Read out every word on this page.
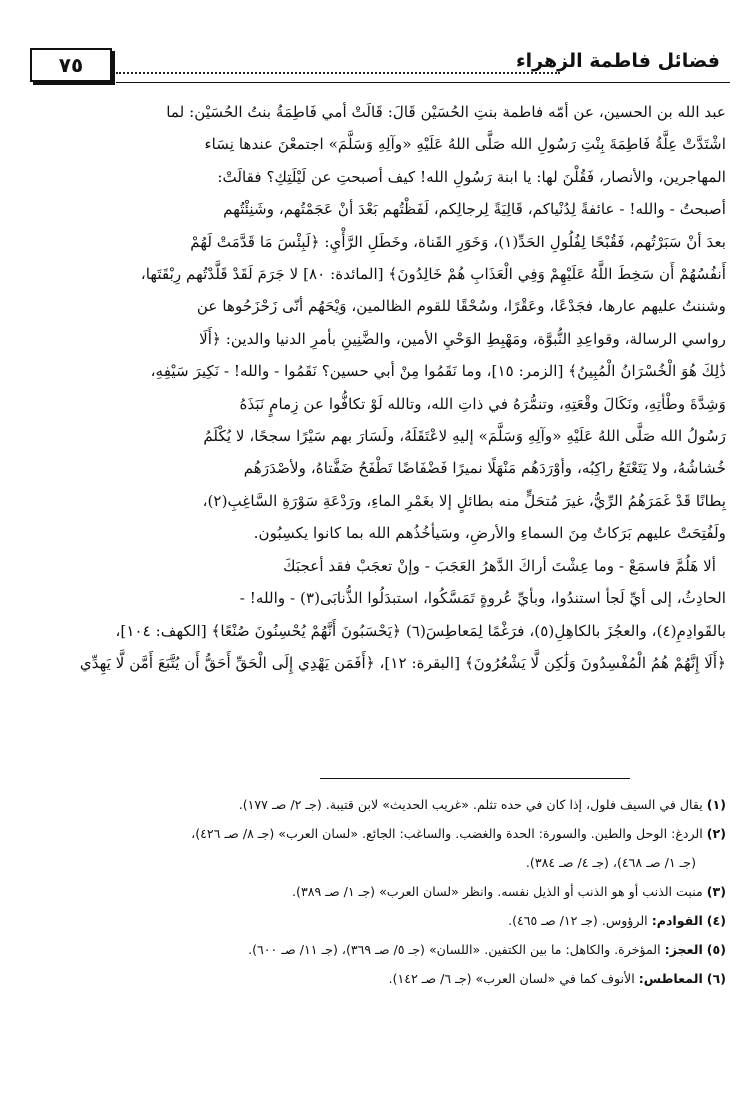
٧٥	فضائل فاطمة الزهراء

عبد الله بن الحسين، عن أمّه فاطمة بنتِ الحُسَيْن قَالَ: قَالَتْ أمي فَاطِمَةُ بنتُ الحُسَيْن: لما

اشْتَدَّتْ عِلَّةُ فَاطِمَةَ بِنْتِ رَسُولِ الله صَلَّى اللهُ عَلَيْهِ «وآلِهِ وَسَلَّمَ» اجتمعْنَ عندها نِسَاء

المهاجرين، والأنصار، فَقُلْنَ لها: يا ابنة رَسُولِ الله! كيف أصبحتِ عن لَيْلَتِكِ؟ فقالَتْ:

أصبحتُ - والله! - عائفةً لِدُنْياكم، قَالِيَةً لِرجالِكم، لَفَظْتُهم بَعْدَ أنْ عَجَمْتُهم، وشَنِئْتُهم

بعدَ أنْ سَبَرْتُهم، فَقُبْحًا لِفُلُولِ الحَدِّ(١)، وَخَوَرِ القَناة، وخَطَلِ الرَّأْيِ: ﴿لَبِئْسَ مَا قَدَّمَتْ لَهُمْ

أَنفُسُهُمْ أَن سَخِطَ اللَّهُ عَلَيْهِمْ وَفِي الْعَذَابِ هُمْ خَالِدُونَ﴾ [المائدة: ٨٠] لا جَرَمَ لَقَدْ قَلَّدْتُهم رِبْقَتَها،

وشننتُ عليهم عارها، فجَدْعًا، وعَقْرًا، وسُحْقًا للقوم الظالمين، وَيْحَهُم أنّى زَحْزَحُوها عن

رواسي الرسالة، وقواعِدِ النُّبوَّة، ومَهْبِطِ الوَحْيِ الأمين، والضَّنِينِ بأمرِ الدنيا والدين: ﴿أَلَا

ذَٰلِكَ هُوَ الْخُسْرَانُ الْمُبِينُ﴾ [الزمر: ١٥]، وما نَقَمُوا مِنْ أبي حسين؟ نَقَمُوا - والله! - نَكِيرَ سَيْفِهِ،

وَشِدَّةَ وطْأتِهِ، ونَكَالَ وقْعَتِهِ، وتنمُّرَهُ في ذاتِ الله، وتالله لَوْ تكافُّوا عن زِمامٍ نَبَذَهُ

رَسُولُ الله صَلَّى اللهُ عَلَيْهِ «وآلِهِ وَسَلَّمَ» إليهِ لاعْتَقَلَهُ، ولَسَارَ بهم سَيْرًا سجحًا، لا يُكْلَمُ

خُشاشُهُ، ولا يَتَعْتَعُ راكِبُه، وأوْرَدَهُم مَنْهَلًا نميرًا فَضْفَاضًا تَطْفَحُ ضَفَّتاهُ، ولأصْدَرَهُم

بِطانًا قَدْ غَمَرَهُمُ الرِّيُّ، غيرَ مُتحَلٍّ منه بطائلٍ إلا بغَمْرِ الماءِ، ورَدْعَةِ سَوْرَةِ السَّاغِبِ(٢)،

ولَفُتِحَتْ عليهم بَرَكاتٌ مِنَ السماءِ والأرضِ، وسَيأخُذُهم الله بما كانوا يكسِبُون.

ألا هَلُمَّ فاسمَعْ - وما عِشْتَ أراكَ الدَّهرُ العَجَبَ - وإنْ تعجَبْ فقد أعجبَكَ

الحادِثُ، إلى أيِّ لَجأ استندُوا، وبأيِّ عُروةٍ تَمَسَّكُوا، استبدَلُوا الذُّنابَى(٣) - والله! -

بالقَوادِمِ(٤)، والعجُزَ بالكاهِلِ(٥)، فرَغْمًا لِمَعاطِسَ(٦) ﴿يَحْسَبُونَ أَنَّهُمْ يُحْسِنُونَ صُنْعًا﴾ [الكهف: ١٠٤]،

﴿أَلَا إِنَّهُمْ هُمُ الْمُفْسِدُونَ وَلَٰكِن لَّا يَشْعُرُونَ﴾ [البقرة: ١٢]، ﴿أَفَمَن يَهْدِي إِلَى الْحَقِّ أَحَقُّ أَن يُتَّبَعَ أَمَّن لَّا يَهِدِّي

(١) يقال في السيف فلول، إذا كان في حده تثلم. «غريب الحديث» لابن قتيبة. (جـ ٢/ صـ ١٧٧).

(٢) الردغ: الوحل والطين. والسورة: الحدة والغضب. والساغب: الجائع. «لسان العرب» (جـ ٨/ صـ ٤٢٦)،

(جـ ١/ صـ ٤٦٨)، (جـ ٤/ صـ ٣٨٤).

(٣) منبت الذنب أو هو الذنب أو الذيل نفسه. وانظر «لسان العرب» (جـ ١/ صـ ٣٨٩).

(٤) القوادم: الرؤوس. (جـ ١٢/ صـ ٤٦٥).

(٥) العجز: المؤخرة. والكاهل: ما بين الكتفين. «اللسان» (جـ ٥/ صـ ٣٦٩)، (جـ ١١/ صـ ٦٠٠).

(٦) المعاطس: الأنوف كما في «لسان العرب» (جـ ٦/ صـ ١٤٢).
